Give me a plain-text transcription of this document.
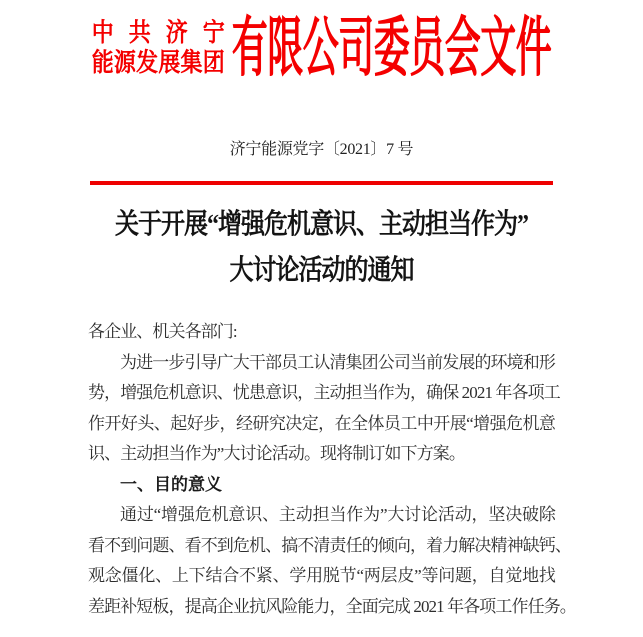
中共济宁
能源发展集团 有限公司委员会文件
济宁能源党字〔2021〕7 号
关于开展“增强危机意识、主动担当作为”
大讨论活动的通知
各企业、机关各部门:
为进一步引导广大干部员工认清集团公司当前发展的环境和形
势，增强危机意识、忧患意识，主动担当作为，确保 2021 年各项工
作开好头、起好步，经研究决定，在全体员工中开展“增强危机意
识、主动担当作为”大讨论活动。现将制订如下方案。
一、目的意义
通过“增强危机意识、主动担当作为”大讨论活动，坚决破除
看不到问题、看不到危机、搞不清责任的倾向，着力解决精神缺钙、
观念僵化、上下结合不紧、学用脱节“两层皮”等问题，自觉地找
差距补短板，提高企业抗风险能力，全面完成 2021 年各项工作任务。
